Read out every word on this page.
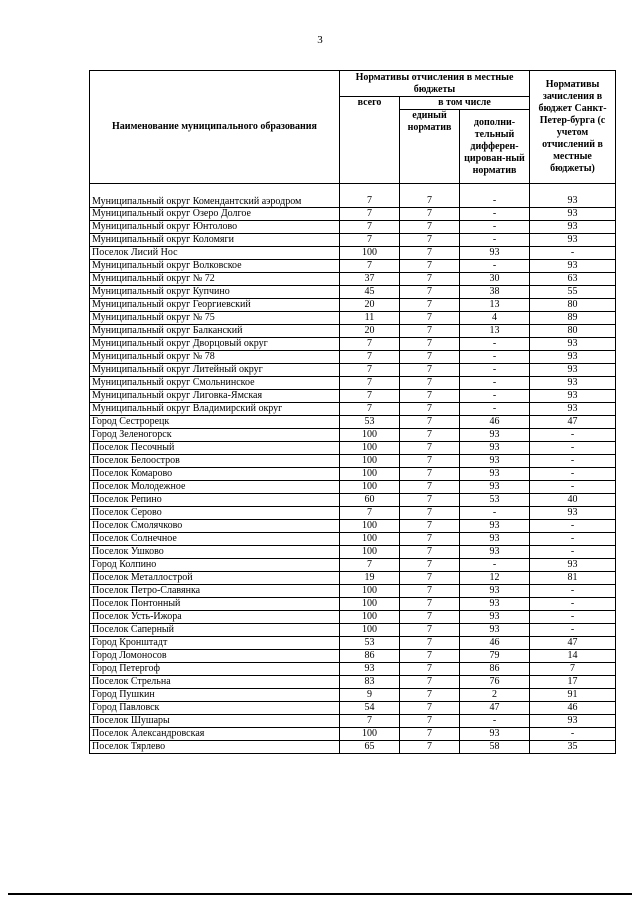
3
Наименование муниципального образования	Нормативы отчисления в местные бюджеты			Нормативы зачисления в бюджет Санкт-Петер-бурга (с учетом отчислений в местные бюджеты)
	всего	в том числе		
		единый норматив	дополни-тельный дифферен-цирован-ный норматив	
Муниципальный округ Комендантский аэродром	7	7	-	93
Муниципальный округ Озеро Долгое	7	7	-	93
Муниципальный округ Юнтолово	7	7	-	93
Муниципальный округ Коломяги	7	7	-	93
Поселок Лисий Нос	100	7	93	-
Муниципальный округ Волковское	7	7	-	93
Муниципальный округ № 72	37	7	30	63
Муниципальный округ Купчино	45	7	38	55
Муниципальный округ Георгиевский	20	7	13	80
Муниципальный округ № 75	11	7	4	89
Муниципальный округ Балканский	20	7	13	80
Муниципальный округ Дворцовый округ	7	7	-	93
Муниципальный округ № 78	7	7	-	93
Муниципальный округ Литейный округ	7	7	-	93
Муниципальный округ Смольнинское	7	7	-	93
Муниципальный округ Лиговка-Ямская	7	7	-	93
Муниципальный округ Владимирский округ	7	7	-	93
Город Сестрорецк	53	7	46	47
Город Зеленогорск	100	7	93	-
Поселок Песочный	100	7	93	-
Поселок Белоостров	100	7	93	-
Поселок Комарово	100	7	93	-
Поселок Молодежное	100	7	93	-
Поселок Репино	60	7	53	40
Поселок Серово	7	7	-	93
Поселок Смолячково	100	7	93	-
Поселок Солнечное	100	7	93	-
Поселок Ушково	100	7	93	-
Город Колпино	7	7	-	93
Поселок Металлострой	19	7	12	81
Поселок Петро-Славянка	100	7	93	-
Поселок Понтонный	100	7	93	-
Поселок Усть-Ижора	100	7	93	-
Поселок Саперный	100	7	93	-
Город Кронштадт	53	7	46	47
Город Ломоносов	86	7	79	14
Город Петергоф	93	7	86	7
Поселок Стрельна	83	7	76	17
Город Пушкин	9	7	2	91
Город Павловск	54	7	47	46
Поселок Шушары	7	7	-	93
Поселок Александровская	100	7	93	-
Поселок Тярлево	65	7	58	35
